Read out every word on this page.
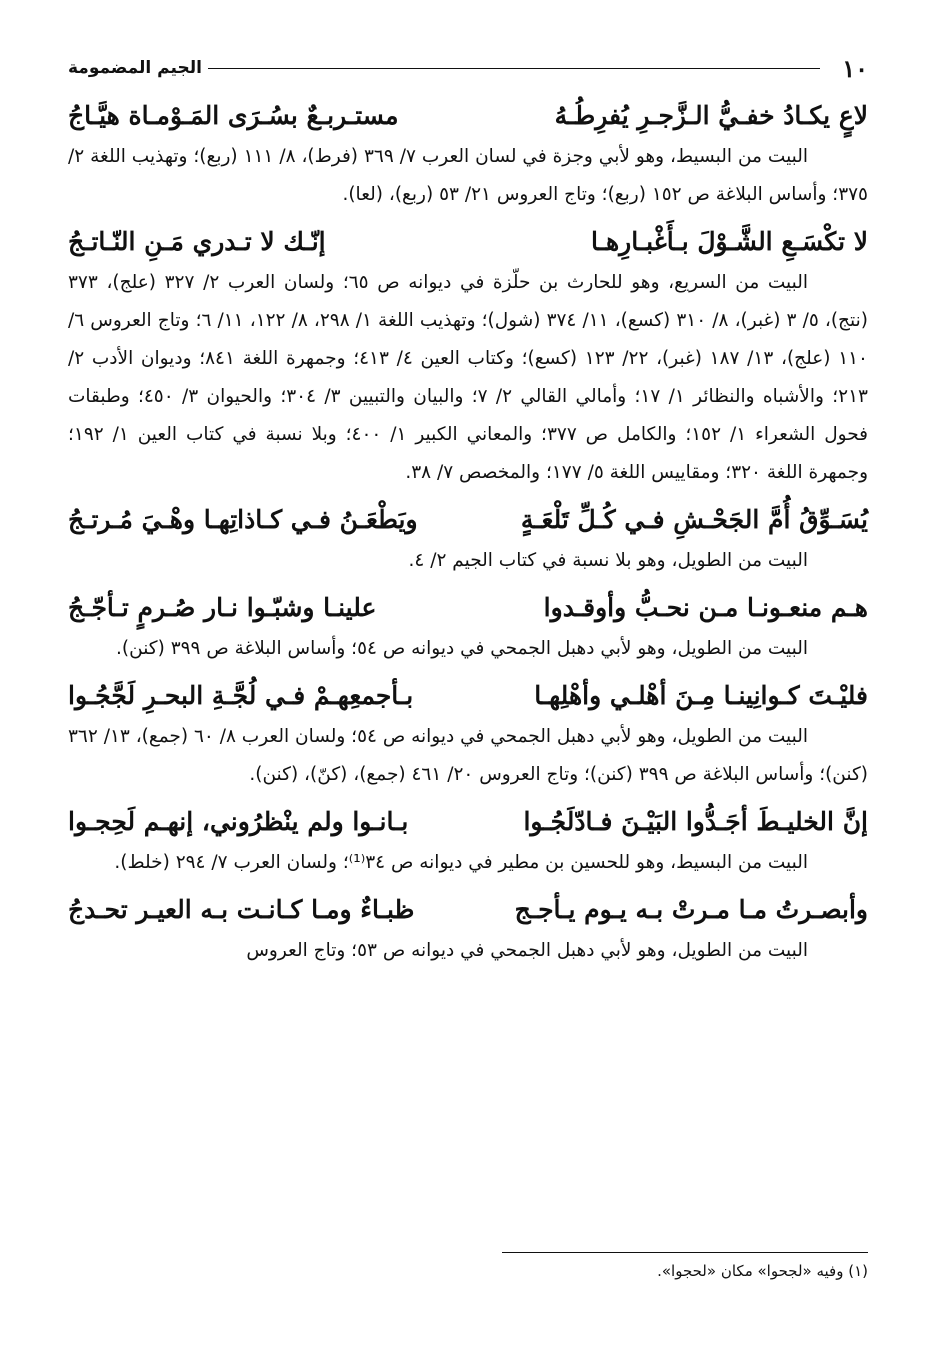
١٠
الجيم المضمومة
لاعٍ يكـادُ خفـيُّ الـزَّجـرِ يُفرِطُـهُ
مستـربـعٌ بسُـرَى المَـوْمـاة هيَّـاجُ

البيت من البسيط، وهو لأبي وجزة في لسان العرب ٧/ ٣٦٩ (فرط)، ٨/ ١١١ (ربع)؛ وتهذيب اللغة ٢/ ٣٧٥؛ وأساس البلاغة ص ١٥٢ (ربع)؛ وتاج العروس ٢١/ ٥٣ (ربع)، (لعا).

لا تكْسَـعِ الشَّـوْلَ بـأَغْبـارِهـا
إنّـك لا تـدري مَـنِ النّـاتـجُ

البيت من السريع، وهو للحارث بن حلّزة في ديوانه ص ٦٥؛ ولسان العرب ٢/ ٣٢٧ (علج)، ٣٧٣ (نتج)، ٥/ ٣ (غبر)، ٨/ ٣١٠ (كسع)، ١١/ ٣٧٤ (شول)؛ وتهذيب اللغة ١/ ٢٩٨، ٨/ ١٢٢، ١١/ ٦؛ وتاج العروس ٦/ ١١٠ (علج)، ١٣/ ١٨٧ (غبر)، ٢٢/ ١٢٣ (كسع)؛ وكتاب العين ٤/ ٤١٣؛ وجمهرة اللغة ٨٤١؛ وديوان الأدب ٢/ ٢١٣؛ والأشباه والنظائر ١/ ١٧؛ وأمالي القالي ٢/ ٧؛ والبيان والتبيين ٣/ ٣٠٤؛ والحيوان ٣/ ٤٥٠؛ وطبقات فحول الشعراء ١/ ١٥٢؛ والكامل ص ٣٧٧؛ والمعاني الكبير ١/ ٤٠٠؛ وبلا نسبة في كتاب العين ١/ ١٩٢؛ وجمهرة اللغة ٣٢٠؛ ومقاييس اللغة ٥/ ١٧٧؛ والمخصص ٧/ ٣٨.

يُسَـوِّقُ أُمَّ الجَحْـشِ فـي كُـلِّ تَلْعَـةٍ
ويَطْعَـنُ فـي كـاذاتِهـا وهْـيَ مُـرتـجُ

البيت من الطويل، وهو بلا نسبة في كتاب الجيم ٢/ ٤.

هـم منعـونـا مـن نحـبُّ وأوقـدوا
علينـا وشبّـوا نـار صُـرمٍ تـأجّـجُ

البيت من الطويل، وهو لأبي دهبل الجمحي في ديوانه ص ٥٤؛ وأساس البلاغة ص ٣٩٩ (كنن).

فليْـتَ كـوانِينـا مِـنَ أهْلـي وأهْلِهـا
بـأجمعِهـمْ فـي لُجَّـةِ البحـرِ لَجَّجُـوا

البيت من الطويل، وهو لأبي دهبل الجمحي في ديوانه ص ٥٤؛ ولسان العرب ٨/ ٦٠ (جمع)، ١٣/ ٣٦٢ (كنن)؛ وأساس البلاغة ص ٣٩٩ (كنن)؛ وتاج العروس ٢٠/ ٤٦١ (جمع)، (كنّ)، (كنن).

إنَّ الخليـطَ أجَـدُّوا البَيْـنَ فـادّلَجُـوا
بـانـوا ولم ينْظرُوني، إنهـم لَحِجـوا

البيت من البسيط، وهو للحسين بن مطير في ديوانه ص ٣٤⁽¹⁾؛ ولسان العرب ٧/ ٢٩٤ (خلط).

وأبصـرتُ مـا مـرتْ بـه يـوم يـأجـج
ظبـاءٌ ومـا كـانـت بـه العيـر تحـدجُ

البيت من الطويل، وهو لأبي دهبل الجمحي في ديوانه ص ٥٣؛ وتاج العروس

(١) وفيه «لجحوا» مكان «لحجوا».
